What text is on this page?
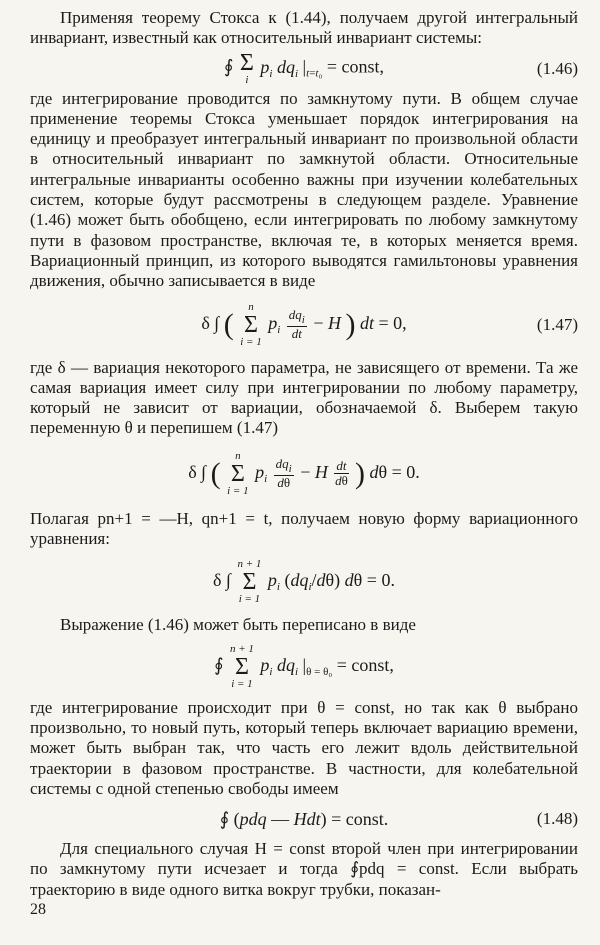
Применяя теорему Стокса к (1.44), получаем другой интегральный инвариант, известный как относительный инвариант системы:

∮ Σ
i
$p_i$ $dq_i$ $|_{t=t_0}$ = const,	(1.46)

где интегрирование проводится по замкнутому пути. В общем случае применение теоремы Стокса уменьшает порядок интегрирования на единицу и преобразует интегральный инвариант по произвольной области в относительный инвариант по замкнутой области. Относительные интегральные инварианты особенно важны при изучении колебательных систем, которые будут рассмотрены в следующем разделе. Уравнение (1.46) может быть обобщено, если интегрировать по любому замкнутому пути в фазовом пространстве, включая те, в которых меняется время. Вариационный принцип, из которого выводятся гамильтоновы уравнения движения, обычно записывается в виде

δ ∫ (
n
Σ
i = 1
$p_i \frac{dq_i}{dt} - H$ ) dt = 0,	(1.47)

где δ — вариация некоторого параметра, не зависящего от времени. Та же самая вариация имеет силу при интегрировании по любому параметру, который не зависит от вариации, обозначаемой δ. Выберем такую переменную θ и перепишем (1.47)

δ ∫ (
n
Σ
i = 1
$p_i \frac{dq_i}{d\theta} - H \frac{dt}{d\theta}$ ) dθ = 0.

Полагая pn+1 = —H, qn+1 = t, получаем новую форму вариационного уравнения:

δ ∫
n + 1
Σ
i = 1
$p_i$ $(dq_i/d\theta) d\theta = 0$.

Выражение (1.46) может быть переписано в виде

∮
n + 1
Σ
i = 1
$p_i$ $dq_i$ $|_{\theta = \theta_0}$ = const,

где интегрирование происходит при θ = const, но так как θ выбрано произвольно, то новый путь, который теперь включает вариацию времени, может быть выбран так, что часть его лежит вдоль действительной траектории в фазовом пространстве. В частности, для колебательной системы с одной степенью свободы имеем

∮ (pdq — Hdt) = const.	(1.48)

Для специального случая H = const второй член при интегрировании по замкнутому пути исчезает и тогда ∮pdq = const. Если выбрать траекторию в виде одного витка вокруг трубки, показан-

28
